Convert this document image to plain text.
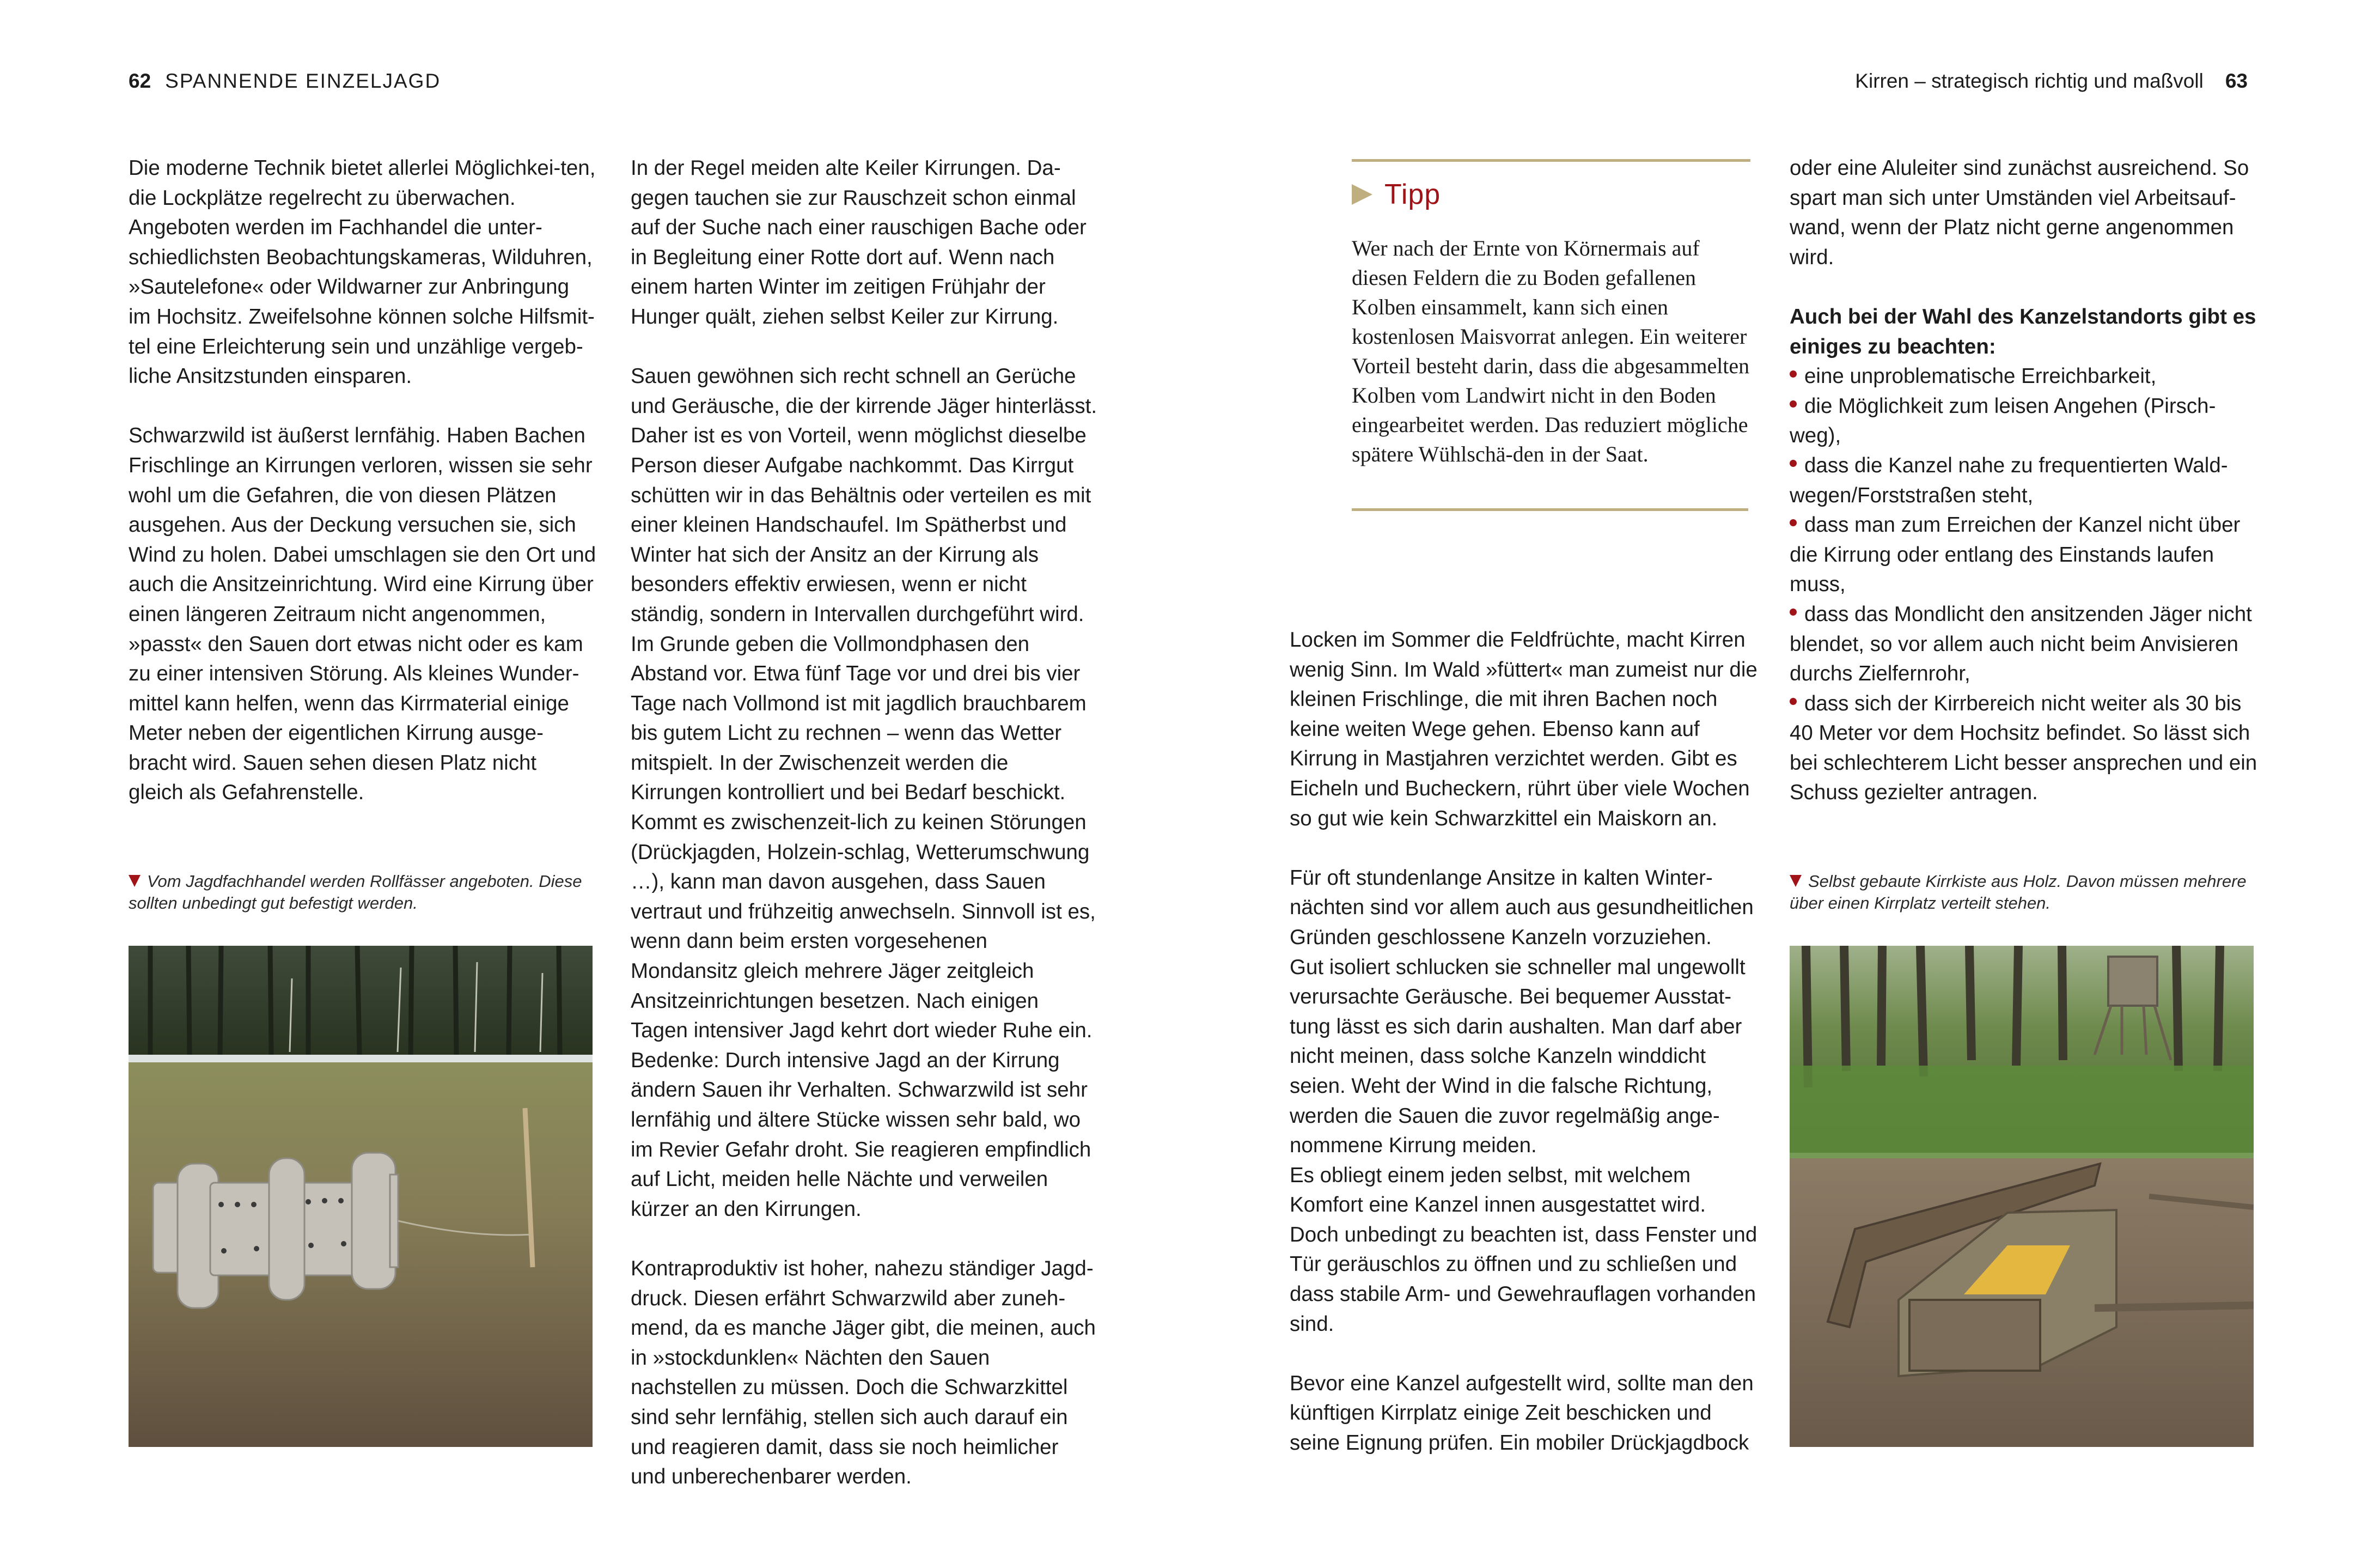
62 SPANNENDE EINZELJAGD

Die moderne Technik bietet allerlei Möglichkei-ten, die Lockplätze regelrecht zu überwachen. Angeboten werden im Fachhandel die unter-schiedlichsten Beobachtungskameras, Wilduhren, »Sautelefone« oder Wildwarner zur Anbringung im Hochsitz. Zweifelsohne können solche Hilfsmit-tel eine Erleichterung sein und unzählige vergeb-liche Ansitzstunden einsparen.

Schwarzwild ist äußerst lernfähig. Haben Bachen Frischlinge an Kirrungen verloren, wissen sie sehr wohl um die Gefahren, die von diesen Plätzen ausgehen. Aus der Deckung versuchen sie, sich Wind zu holen. Dabei umschlagen sie den Ort und auch die Ansitzeinrichtung. Wird eine Kirrung über einen längeren Zeitraum nicht angenommen, »passt« den Sauen dort etwas nicht oder es kam zu einer intensiven Störung. Als kleines Wunder-mittel kann helfen, wenn das Kirrmaterial einige Meter neben der eigentlichen Kirrung ausge-bracht wird. Sauen sehen diesen Platz nicht gleich als Gefahrenstelle.

Vom Jagdfachhandel werden Rollfässer angeboten. Diese sollten unbedingt gut befestigt werden.

In der Regel meiden alte Keiler Kirrungen. Da-gegen tauchen sie zur Rauschzeit schon einmal auf der Suche nach einer rauschigen Bache oder in Begleitung einer Rotte dort auf. Wenn nach einem harten Winter im zeitigen Frühjahr der Hunger quält, ziehen selbst Keiler zur Kirrung.

Sauen gewöhnen sich recht schnell an Gerüche und Geräusche, die der kirrende Jäger hinterlässt. Daher ist es von Vorteil, wenn möglichst dieselbe Person dieser Aufgabe nachkommt. Das Kirrgut schütten wir in das Behältnis oder verteilen es mit einer kleinen Handschaufel. Im Spätherbst und Winter hat sich der Ansitz an der Kirrung als besonders effektiv erwiesen, wenn er nicht ständig, sondern in Intervallen durchgeführt wird. Im Grunde geben die Vollmondphasen den Abstand vor. Etwa fünf Tage vor und drei bis vier Tage nach Vollmond ist mit jagdlich brauchbarem bis gutem Licht zu rechnen – wenn das Wetter mitspielt. In der Zwischenzeit werden die Kirrungen kontrolliert und bei Bedarf beschickt. Kommt es zwischenzeit-lich zu keinen Störungen (Drückjagden, Holzein-schlag, Wetterumschwung …), kann man davon ausgehen, dass Sauen vertraut und frühzeitig anwechseln. Sinnvoll ist es, wenn dann beim ersten vorgesehenen Mondansitz gleich mehrere Jäger zeitgleich Ansitzeinrichtungen besetzen. Nach einigen Tagen intensiver Jagd kehrt dort wieder Ruhe ein. Bedenke: Durch intensive Jagd an der Kirrung ändern Sauen ihr Verhalten. Schwarzwild ist sehr lernfähig und ältere Stücke wissen sehr bald, wo im Revier Gefahr droht. Sie reagieren empfindlich auf Licht, meiden helle Nächte und verweilen kürzer an den Kirrungen.

Kontraproduktiv ist hoher, nahezu ständiger Jagd-druck. Diesen erfährt Schwarzwild aber zuneh-mend, da es manche Jäger gibt, die meinen, auch in »stockdunklen« Nächten den Sauen nachstellen zu müssen. Doch die Schwarzkittel sind sehr lernfähig, stellen sich auch darauf ein und reagieren damit, dass sie noch heimlicher und unberechenbarer werden.

Kirren – strategisch richtig und maßvoll 63
Tipp
Wer nach der Ernte von Körnermais auf diesen Feldern die zu Boden gefallenen Kolben einsammelt, kann sich einen kostenlosen Maisvorrat anlegen. Ein weiterer Vorteil besteht darin, dass die abgesammelten Kolben vom Landwirt nicht in den Boden eingearbeitet werden. Das reduziert mögliche spätere Wühlschä-den in der Saat.

Locken im Sommer die Feldfrüchte, macht Kirren wenig Sinn. Im Wald »füttert« man zumeist nur die kleinen Frischlinge, die mit ihren Bachen noch keine weiten Wege gehen. Ebenso kann auf Kirrung in Mastjahren verzichtet werden. Gibt es Eicheln und Bucheckern, rührt über viele Wochen so gut wie kein Schwarzkittel ein Maiskorn an.

Für oft stundenlange Ansitze in kalten Winter-nächten sind vor allem auch aus gesundheitlichen Gründen geschlossene Kanzeln vorzuziehen.

Gut isoliert schlucken sie schneller mal ungewollt verursachte Geräusche. Bei bequemer Ausstat-tung lässt es sich darin aushalten. Man darf aber nicht meinen, dass solche Kanzeln winddicht seien. Weht der Wind in die falsche Richtung, werden die Sauen die zuvor regelmäßig ange-nommene Kirrung meiden.

Es obliegt einem jeden selbst, mit welchem Komfort eine Kanzel innen ausgestattet wird. Doch unbedingt zu beachten ist, dass Fenster und Tür geräuschlos zu öffnen und zu schließen und dass stabile Arm- und Gewehrauflagen vorhanden sind.

Bevor eine Kanzel aufgestellt wird, sollte man den künftigen Kirrplatz einige Zeit beschicken und seine Eignung prüfen. Ein mobiler Drückjagdbock

oder eine Aluleiter sind zunächst ausreichend. So spart man sich unter Umständen viel Arbeitsauf-wand, wenn der Platz nicht gerne angenommen wird.

Auch bei der Wahl des Kanzelstandorts gibt es einiges zu beachten:

eine unproblematische Erreichbarkeit,
die Möglichkeit zum leisen Angehen (Pirsch-weg),
dass die Kanzel nahe zu frequentierten Wald-wegen/Forststraßen steht,
dass man zum Erreichen der Kanzel nicht über die Kirrung oder entlang des Einstands laufen muss,
dass das Mondlicht den ansitzenden Jäger nicht blendet, so vor allem auch nicht beim Anvisieren durchs Zielfernrohr,
dass sich der Kirrbereich nicht weiter als 30 bis 40 Meter vor dem Hochsitz befindet. So lässt sich bei schlechterem Licht besser ansprechen und ein Schuss gezielter antragen.
Selbst gebaute Kirrkiste aus Holz. Davon müssen mehrere über einen Kirrplatz verteilt stehen.
